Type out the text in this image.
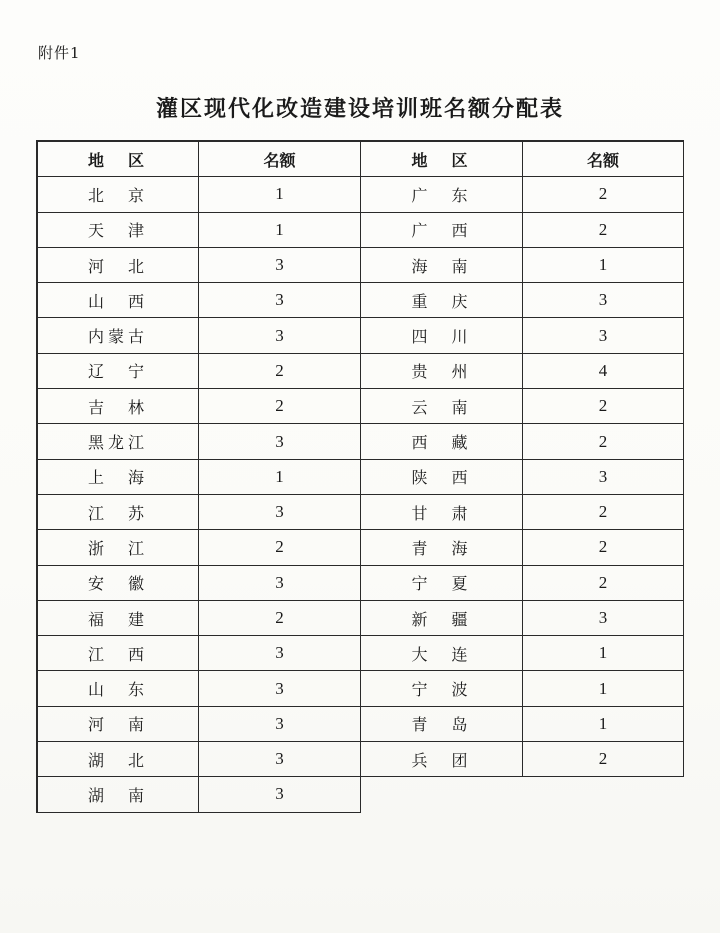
附件1
灌区现代化改造建设培训班名额分配表
地　区	名额	地　区	名额
北　京	1	广　东	2
天　津	1	广　西	2
河　北	3	海　南	1
山　西	3	重　庆	3
内蒙古	3	四　川	3
辽　宁	2	贵　州	4
吉　林	2	云　南	2
黑龙江	3	西　藏	2
上　海	1	陕　西	3
江　苏	3	甘　肃	2
浙　江	2	青　海	2
安　徽	3	宁　夏	2
福　建	2	新　疆	3
江　西	3	大　连	1
山　东	3	宁　波	1
河　南	3	青　岛	1
湖　北	3	兵　团	2
湖　南	3
